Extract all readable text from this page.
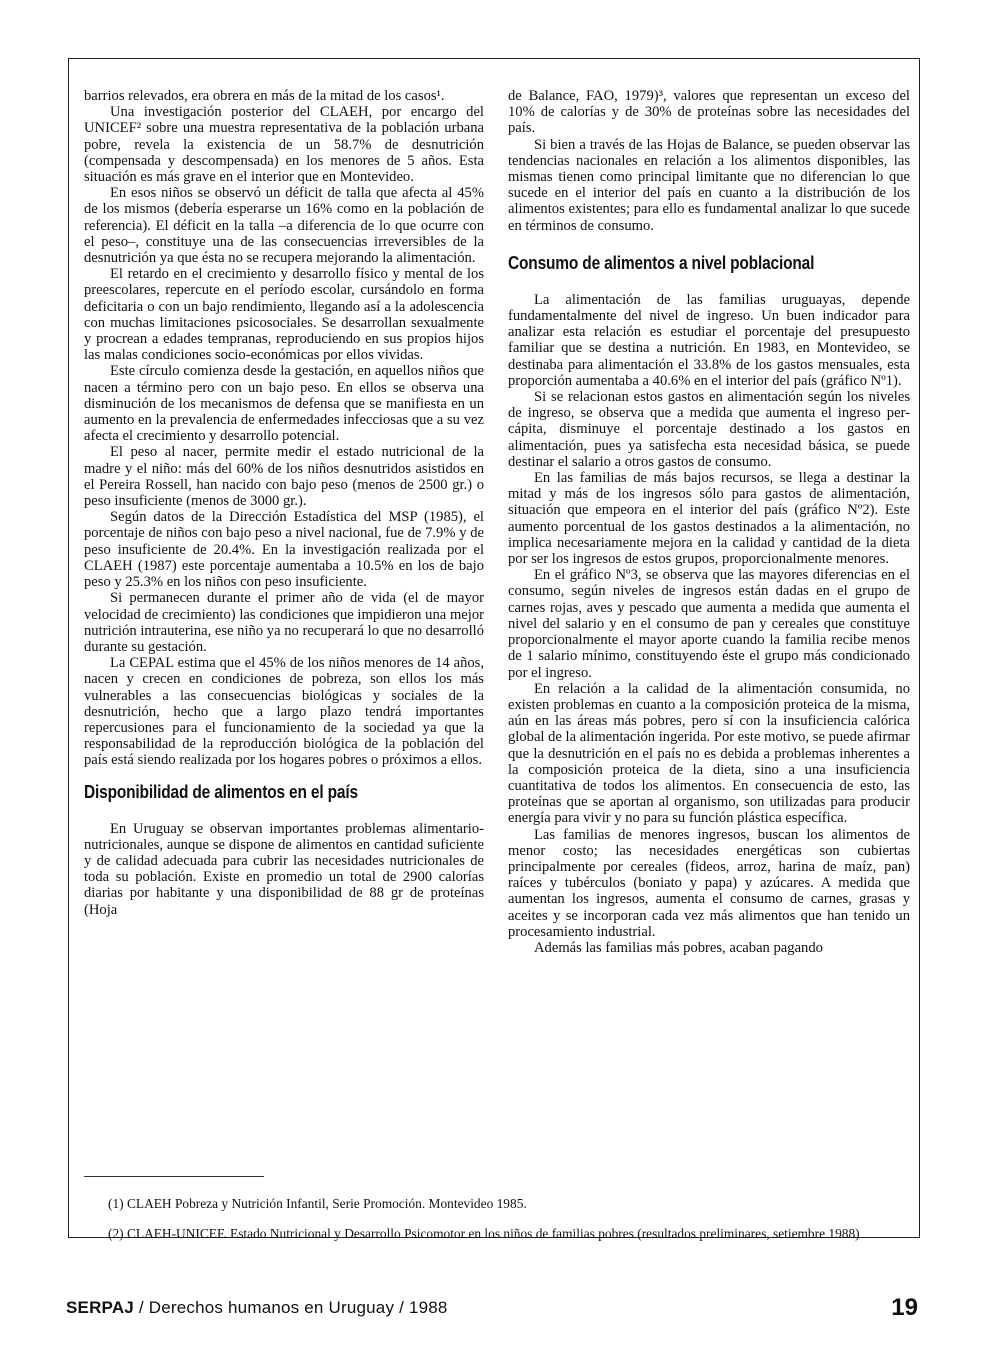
barrios relevados, era obrera en más de la mitad de los casos¹.

Una investigación posterior del CLAEH, por encargo del UNICEF² sobre una muestra representativa de la población urbana pobre, revela la existencia de un 58.7% de desnutrición (compensada y descompensada) en los menores de 5 años. Esta situación es más grave en el interior que en Montevideo.

En esos niños se observó un déficit de talla que afecta al 45% de los mismos (debería esperarse un 16% como en la población de referencia). El déficit en la talla –a diferencia de lo que ocurre con el peso–, constituye una de las consecuencias irreversibles de la desnutrición ya que ésta no se recupera mejorando la alimentación.

El retardo en el crecimiento y desarrollo físico y mental de los preescolares, repercute en el período escolar, cursándolo en forma deficitaria o con un bajo rendimiento, llegando así a la adolescencia con muchas limitaciones psicosociales. Se desarrollan sexualmente y procrean a edades tempranas, reproduciendo en sus propios hijos las malas condiciones socio-económicas por ellos vividas.

Este círculo comienza desde la gestación, en aquellos niños que nacen a término pero con un bajo peso. En ellos se observa una disminución de los mecanismos de defensa que se manifiesta en un aumento en la prevalencia de enfermedades infecciosas que a su vez afecta el crecimiento y desarrollo potencial.

El peso al nacer, permite medir el estado nutricional de la madre y el niño: más del 60% de los niños desnutridos asistidos en el Pereira Rossell, han nacido con bajo peso (menos de 2500 gr.) o peso insuficiente (menos de 3000 gr.).

Según datos de la Dirección Estadística del MSP (1985), el porcentaje de niños con bajo peso a nivel nacional, fue de 7.9% y de peso insuficiente de 20.4%. En la investigación realizada por el CLAEH (1987) este porcentaje aumentaba a 10.5% en los de bajo peso y 25.3% en los niños con peso insuficiente.

Si permanecen durante el primer año de vida (el de mayor velocidad de crecimiento) las condiciones que impidieron una mejor nutrición intrauterina, ese niño ya no recuperará lo que no desarrolló durante su gestación.

La CEPAL estima que el 45% de los niños menores de 14 años, nacen y crecen en condiciones de pobreza, son ellos los más vulnerables a las consecuencias biológicas y sociales de la desnutrición, hecho que a largo plazo tendrá importantes repercusiones para el funcionamiento de la sociedad ya que la responsabilidad de la reproducción biológica de la población del país está siendo realizada por los hogares pobres o próximos a ellos.

Disponibilidad de alimentos en el país

En Uruguay se observan importantes problemas alimentario-nutricionales, aunque se dispone de alimentos en cantidad suficiente y de calidad adecuada para cubrir las necesidades nutricionales de toda su población. Existe en promedio un total de 2900 calorías diarias por habitante y una disponibilidad de 88 gr de proteínas (Hoja

de Balance, FAO, 1979)³, valores que representan un exceso del 10% de calorías y de 30% de proteínas sobre las necesidades del país.

Si bien a través de las Hojas de Balance, se pueden observar las tendencias nacionales en relación a los alimentos disponibles, las mismas tienen como principal limitante que no diferencian lo que sucede en el interior del país en cuanto a la distribución de los alimentos existentes; para ello es fundamental analizar lo que sucede en términos de consumo.

Consumo de alimentos a nivel poblacional

La alimentación de las familias uruguayas, depende fundamentalmente del nivel de ingreso. Un buen indicador para analizar esta relación es estudiar el porcentaje del presupuesto familiar que se destina a nutrición. En 1983, en Montevideo, se destinaba para alimentación el 33.8% de los gastos mensuales, esta proporción aumentaba a 40.6% en el interior del país (gráfico Nº1).

Si se relacionan estos gastos en alimentación según los niveles de ingreso, se observa que a medida que aumenta el ingreso per-cápita, disminuye el porcentaje destinado a los gastos en alimentación, pues ya satisfecha esta necesidad básica, se puede destinar el salario a otros gastos de consumo.

En las familias de más bajos recursos, se llega a destinar la mitad y más de los ingresos sólo para gastos de alimentación, situación que empeora en el interior del país (gráfico Nº2). Este aumento porcentual de los gastos destinados a la alimentación, no implica necesariamente mejora en la calidad y cantidad de la dieta por ser los ingresos de estos grupos, proporcionalmente menores.

En el gráfico Nº3, se observa que las mayores diferencias en el consumo, según niveles de ingresos están dadas en el grupo de carnes rojas, aves y pescado que aumenta a medida que aumenta el nivel del salario y en el consumo de pan y cereales que constituye proporcionalmente el mayor aporte cuando la familia recibe menos de 1 salario mínimo, constituyendo éste el grupo más condicionado por el ingreso.

En relación a la calidad de la alimentación consumida, no existen problemas en cuanto a la composición proteica de la misma, aún en las áreas más pobres, pero sí con la insuficiencia calórica global de la alimentación ingerida. Por este motivo, se puede afirmar que la desnutrición en el país no es debida a problemas inherentes a la composición proteica de la dieta, sino a una insuficiencia cuantitativa de todos los alimentos. En consecuencia de esto, las proteínas que se aportan al organismo, son utilizadas para producir energía para vivir y no para su función plástica específica.

Las familias de menores ingresos, buscan los alimentos de menor costo; las necesidades energéticas son cubiertas principalmente por cereales (fideos, arroz, harina de maíz, pan) raíces y tubérculos (boniato y papa) y azúcares. A medida que aumentan los ingresos, aumenta el consumo de carnes, grasas y aceites y se incorporan cada vez más alimentos que han tenido un procesamiento industrial.

Además las familias más pobres, acaban pagando

(1) CLAEH Pobreza y Nutrición Infantil, Serie Promoción. Montevideo 1985.

(2) CLAEH-UNICEF. Estado Nutricional y Desarrollo Psicomotor en los niños de familias pobres (resultados preliminares, setiembre 1988)

SERPAJ / Derechos humanos en Uruguay / 1988	19
